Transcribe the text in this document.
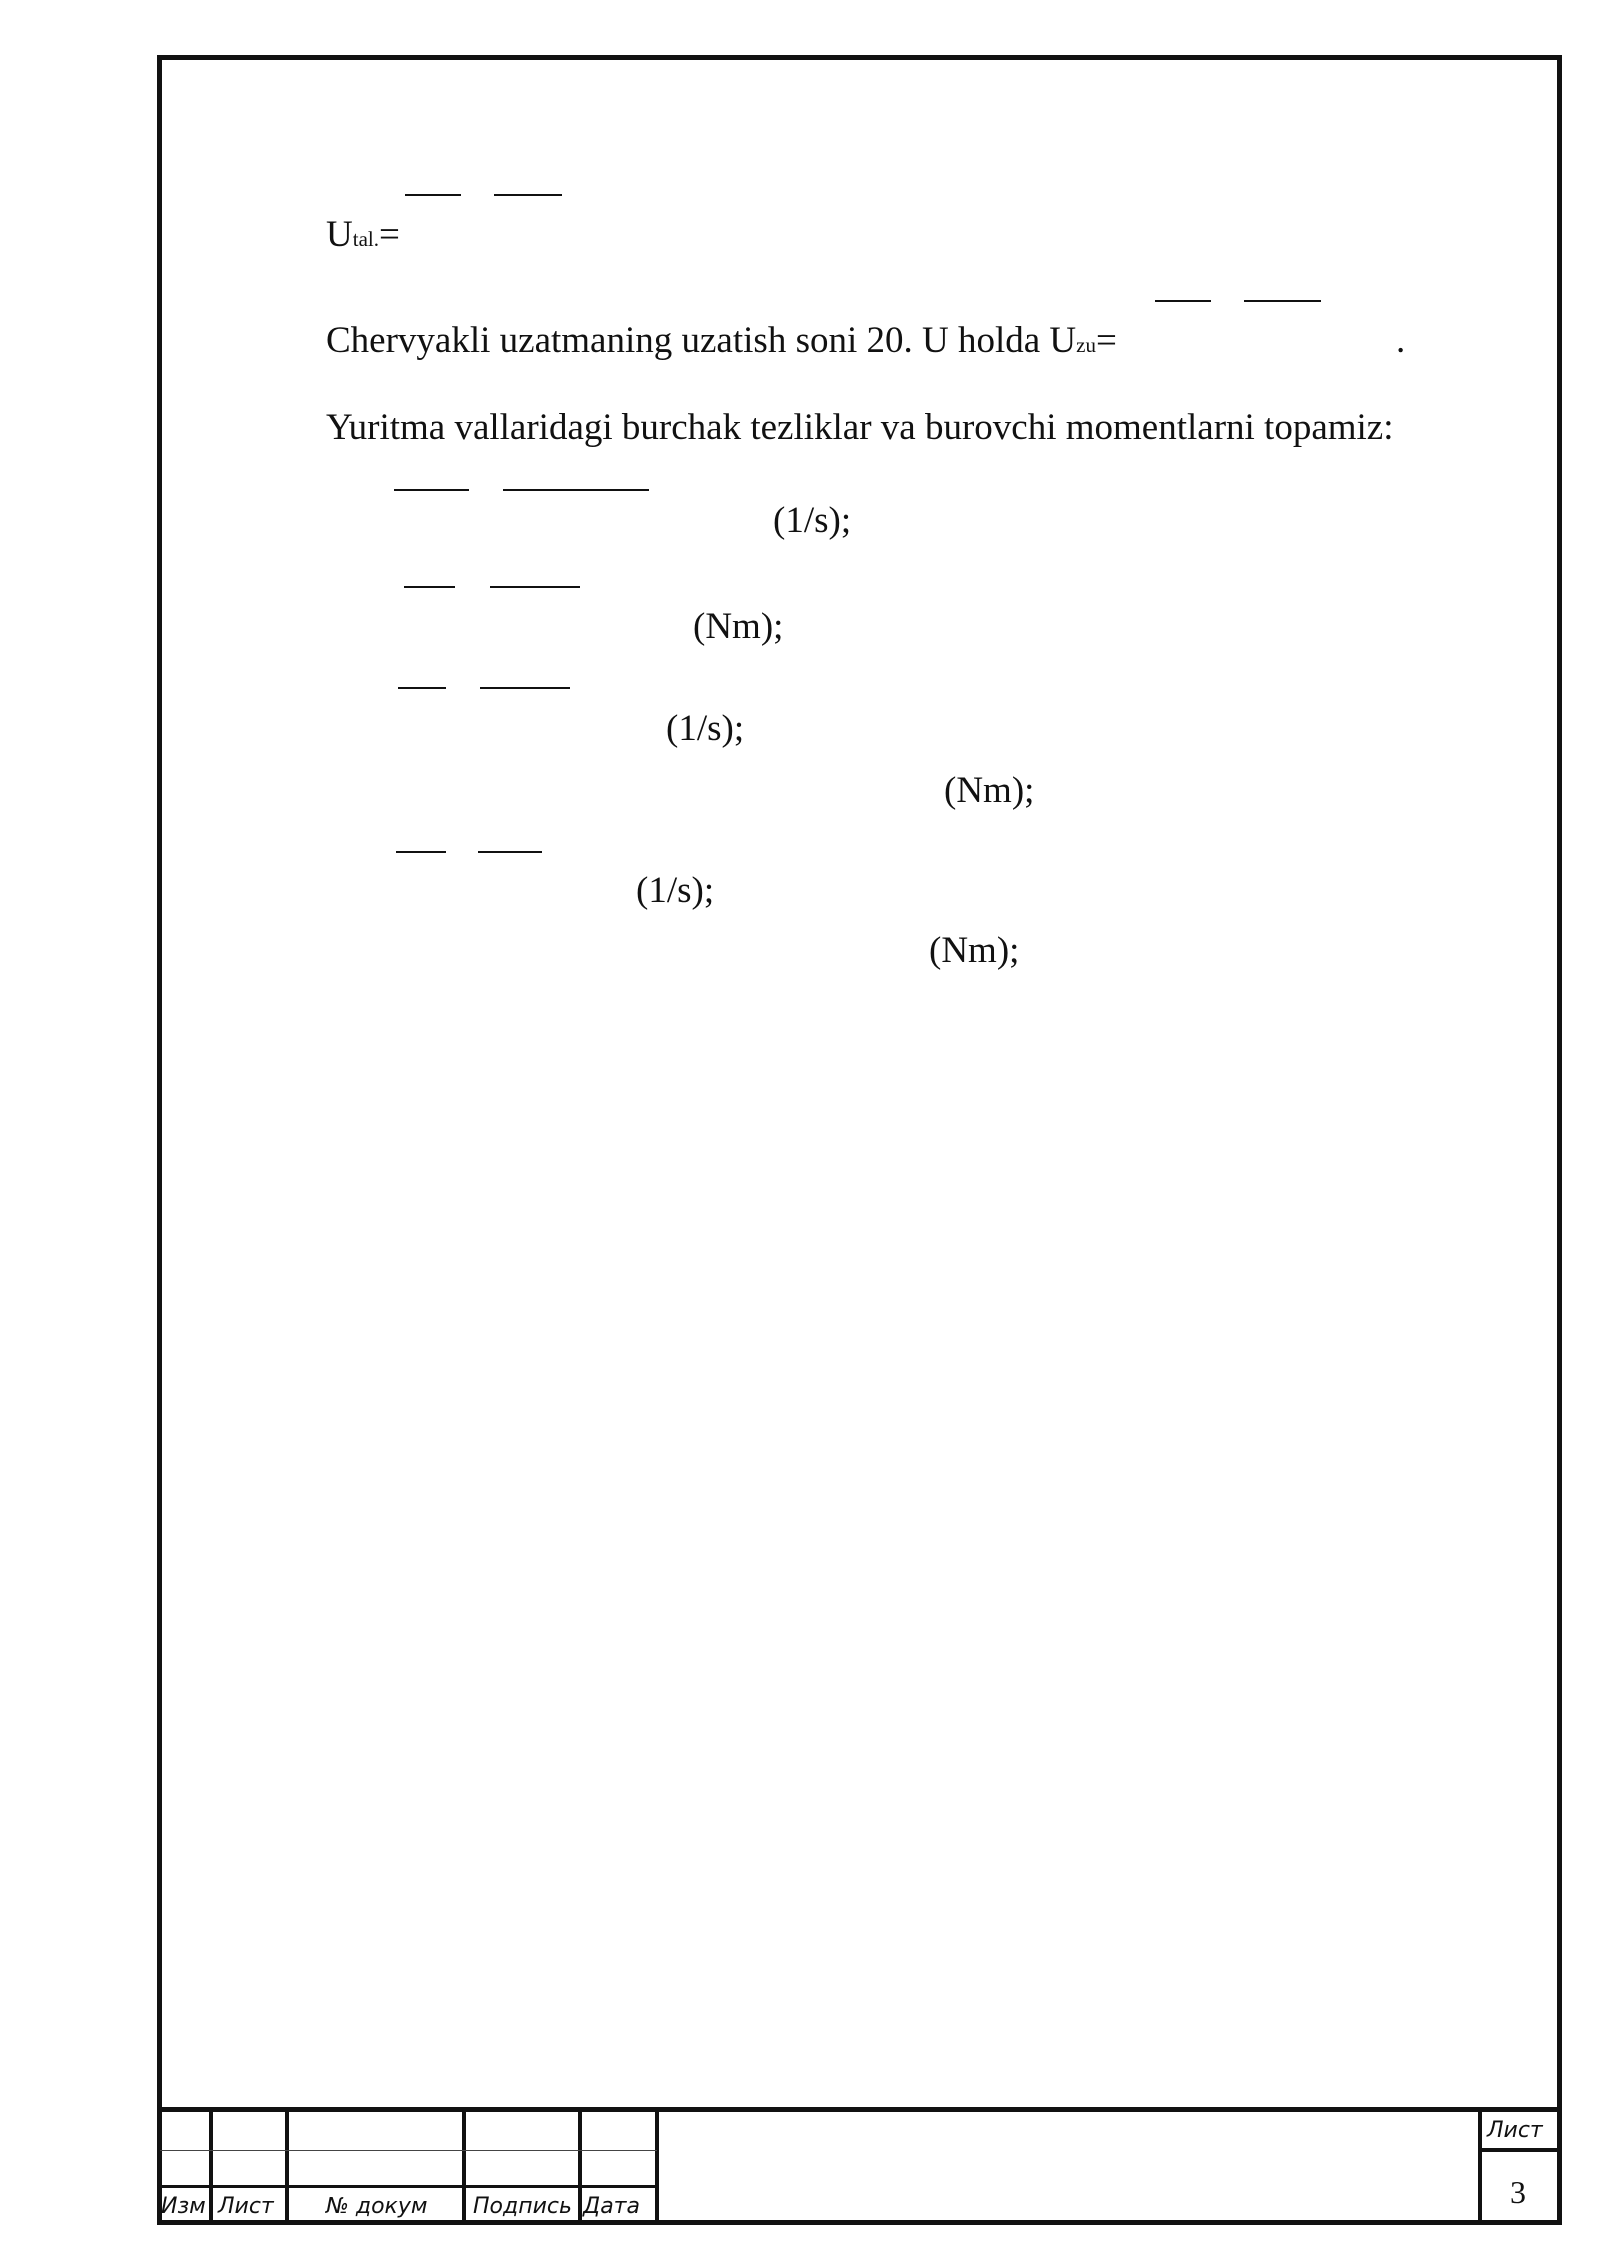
Utal.=
Chervyakli uzatmaning uzatish soni 20. U holda Uzu=	.
Yuritma vallaridagi burchak tezliklar va burovchi momentlarni topamiz:
(1/s);
(Nm);
(1/s);
(Nm);
(1/s);
(Nm);
Изм Лист № докум Подпись Дата
Лист
3
